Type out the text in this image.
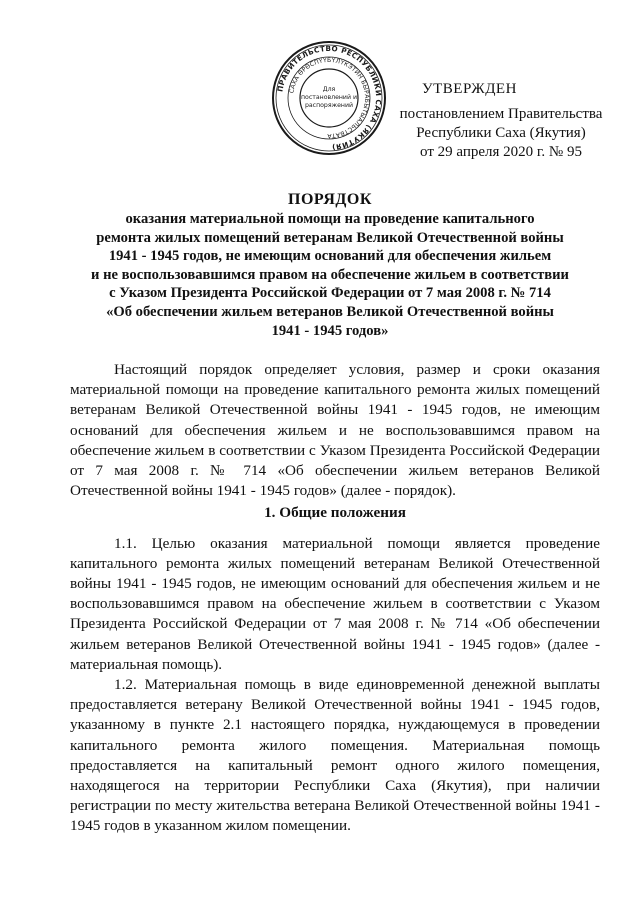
ПРАВИТЕЛЬСТВО РЕСПУБЛИКИ САХА (ЯКУТИЯ)
САХА ӨРӨСПҮҮБҮЛҮКЭТИН БЫРАБЫТЫАЛЬСТВАТА
Для
постановлений и
распоряжений
УТВЕРЖДЕН
постановлением Правительства
Республики Саха (Якутия)
от 29 апреля 2020 г. № 95
ПОРЯДОК
оказания материальной помощи на проведение капитального
ремонта жилых помещений ветеранам Великой Отечественной войны
1941 - 1945 годов, не имеющим оснований для обеспечения жильем
и не воспользовавшимся правом на обеспечение жильем в соответствии
с Указом Президента Российской Федерации от 7 мая 2008 г. № 714
«Об обеспечении жильем ветеранов Великой Отечественной войны
1941 - 1945 годов»

Настоящий порядок определяет условия, размер и сроки оказания материальной помощи на проведение капитального ремонта жилых помещений ветеранам Великой Отечественной войны 1941 - 1945 годов, не имеющим оснований для обеспечения жильем и не воспользовавшимся правом на обеспечение жильем в соответствии с Указом Президента Российской Федерации от 7 мая 2008 г. № 714 «Об обеспечении жильем ветеранов Великой Отечественной войны 1941 - 1945 годов» (далее - порядок).

1. Общие положения

1.1. Целью оказания материальной помощи является проведение капитального ремонта жилых помещений ветеранам Великой Отечественной войны 1941 - 1945 годов, не имеющим оснований для обеспечения жильем и не воспользовавшимся правом на обеспечение жильем в соответствии с Указом Президента Российской Федерации от 7 мая 2008 г. № 714 «Об обеспечении жильем ветеранов Великой Отечественной войны 1941 - 1945 годов» (далее - материальная помощь).

1.2. Материальная помощь в виде единовременной денежной выплаты предоставляется ветерану Великой Отечественной войны 1941 - 1945 годов, указанному в пункте 2.1 настоящего порядка, нуждающемуся в проведении капитального ремонта жилого помещения. Материальная помощь предоставляется на капитальный ремонт одного жилого помещения, находящегося на территории Республики Саха (Якутия), при наличии регистрации по месту жительства ветерана Великой Отечественной войны 1941 - 1945 годов в указанном жилом помещении.
